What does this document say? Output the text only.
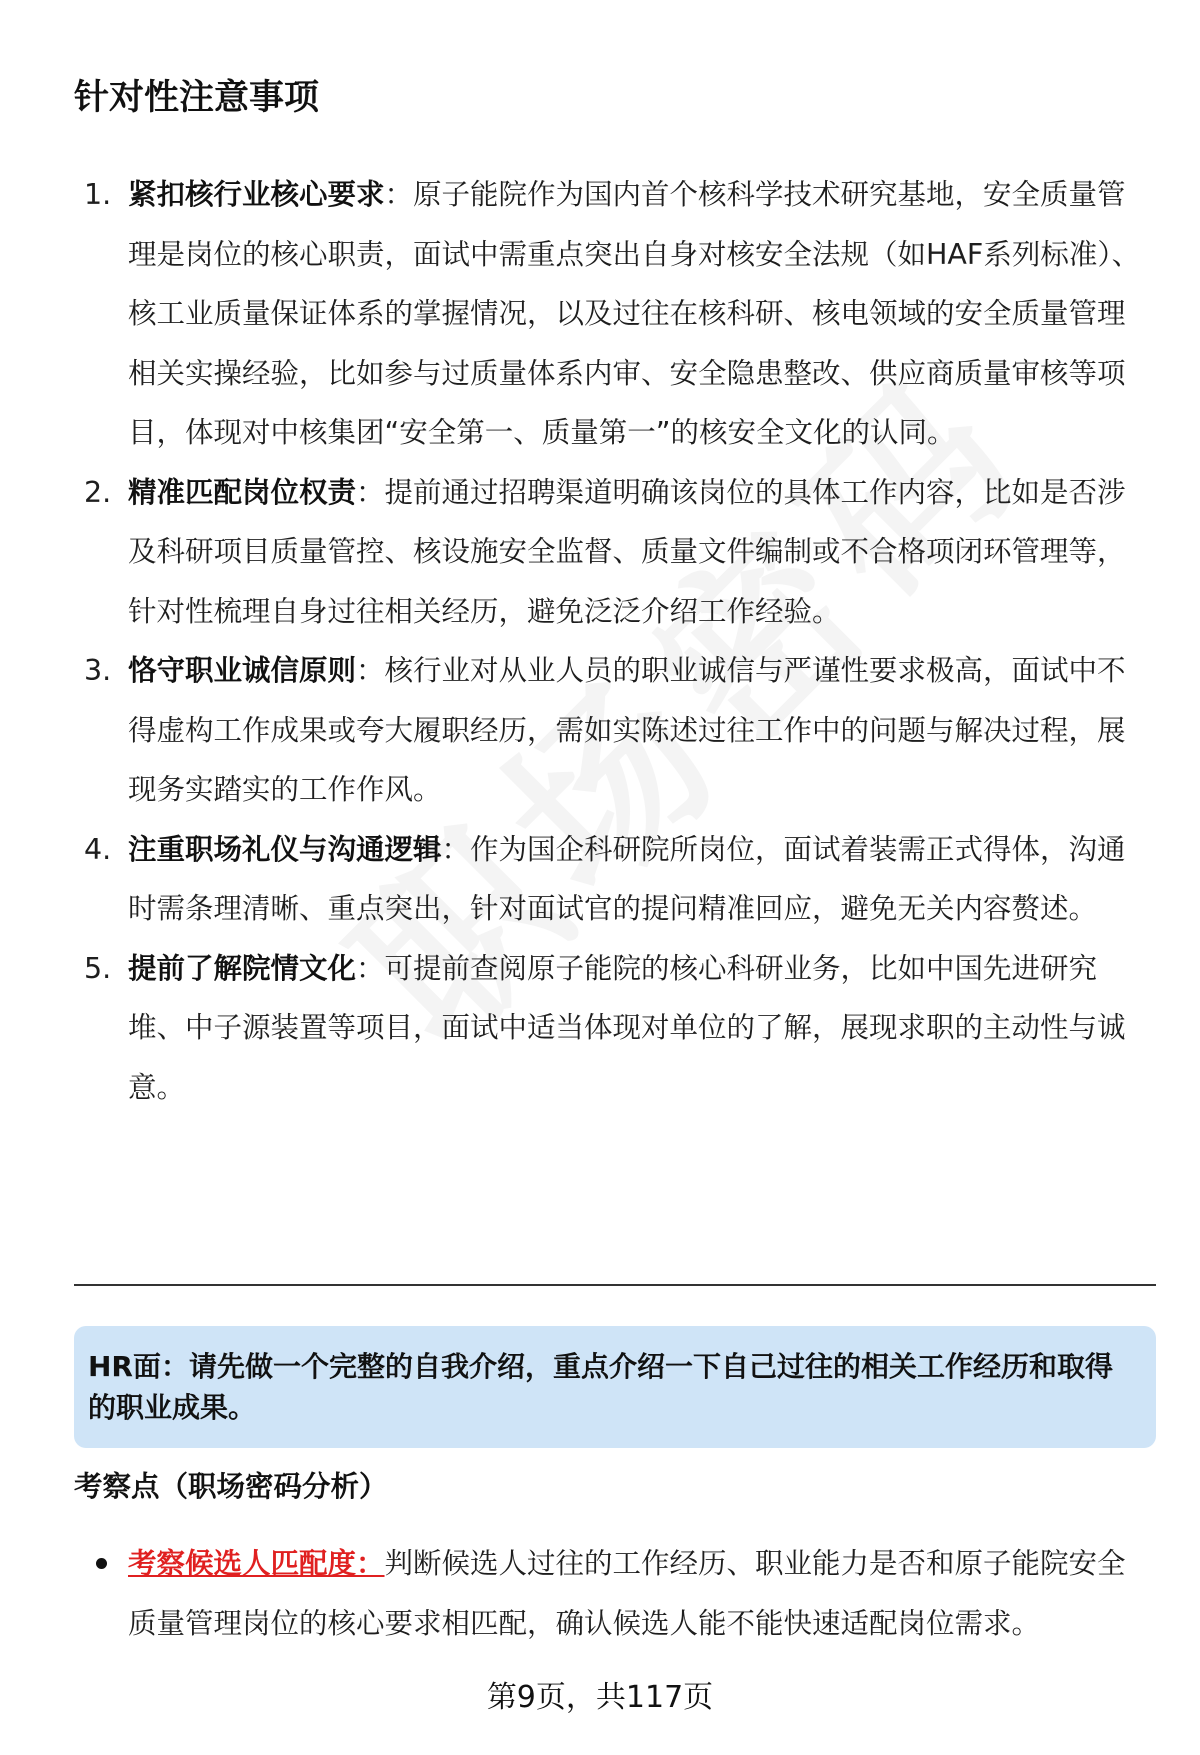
针对性注意事项
1. 紧扣核行业核心要求：原子能院作为国内首个核科学技术研究基地，安全质量管理是岗位的核心职责，面试中需重点突出自身对核安全法规（如HAF系列标准）、核工业质量保证体系的掌握情况，以及过往在核科研、核电领域的安全质量管理相关实操经验，比如参与过质量体系内审、安全隐患整改、供应商质量审核等项目，体现对中核集团“安全第一、质量第一”的核安全文化的认同。
2. 精准匹配岗位权责：提前通过招聘渠道明确该岗位的具体工作内容，比如是否涉及科研项目质量管控、核设施安全监督、质量文件编制或不合格项闭环管理等，针对性梳理自身过往相关经历，避免泛泛介绍工作经验。
3. 恪守职业诚信原则：核行业对从业人员的职业诚信与严谨性要求极高，面试中不得虚构工作成果或夸大履职经历，需如实陈述过往工作中的问题与解决过程，展现务实踏实的工作作风。
4. 注重职场礼仪与沟通逻辑：作为国企科研院所岗位，面试着装需正式得体，沟通时需条理清晰、重点突出，针对面试官的提问精准回应，避免无关内容赘述。
5. 提前了解院情文化：可提前查阅原子能院的核心科研业务，比如中国先进研究堆、中子源装置等项目，面试中适当体现对单位的了解，展现求职的主动性与诚意。
HR面：请先做一个完整的自我介绍，重点介绍一下自己过往的相关工作经历和取得的职业成果。
考察点（职场密码分析）
考察候选人匹配度：判断候选人过往的工作经历、职业能力是否和原子能院安全质量管理岗位的核心要求相匹配，确认候选人能不能快速适配岗位需求。
第9页，共117页
